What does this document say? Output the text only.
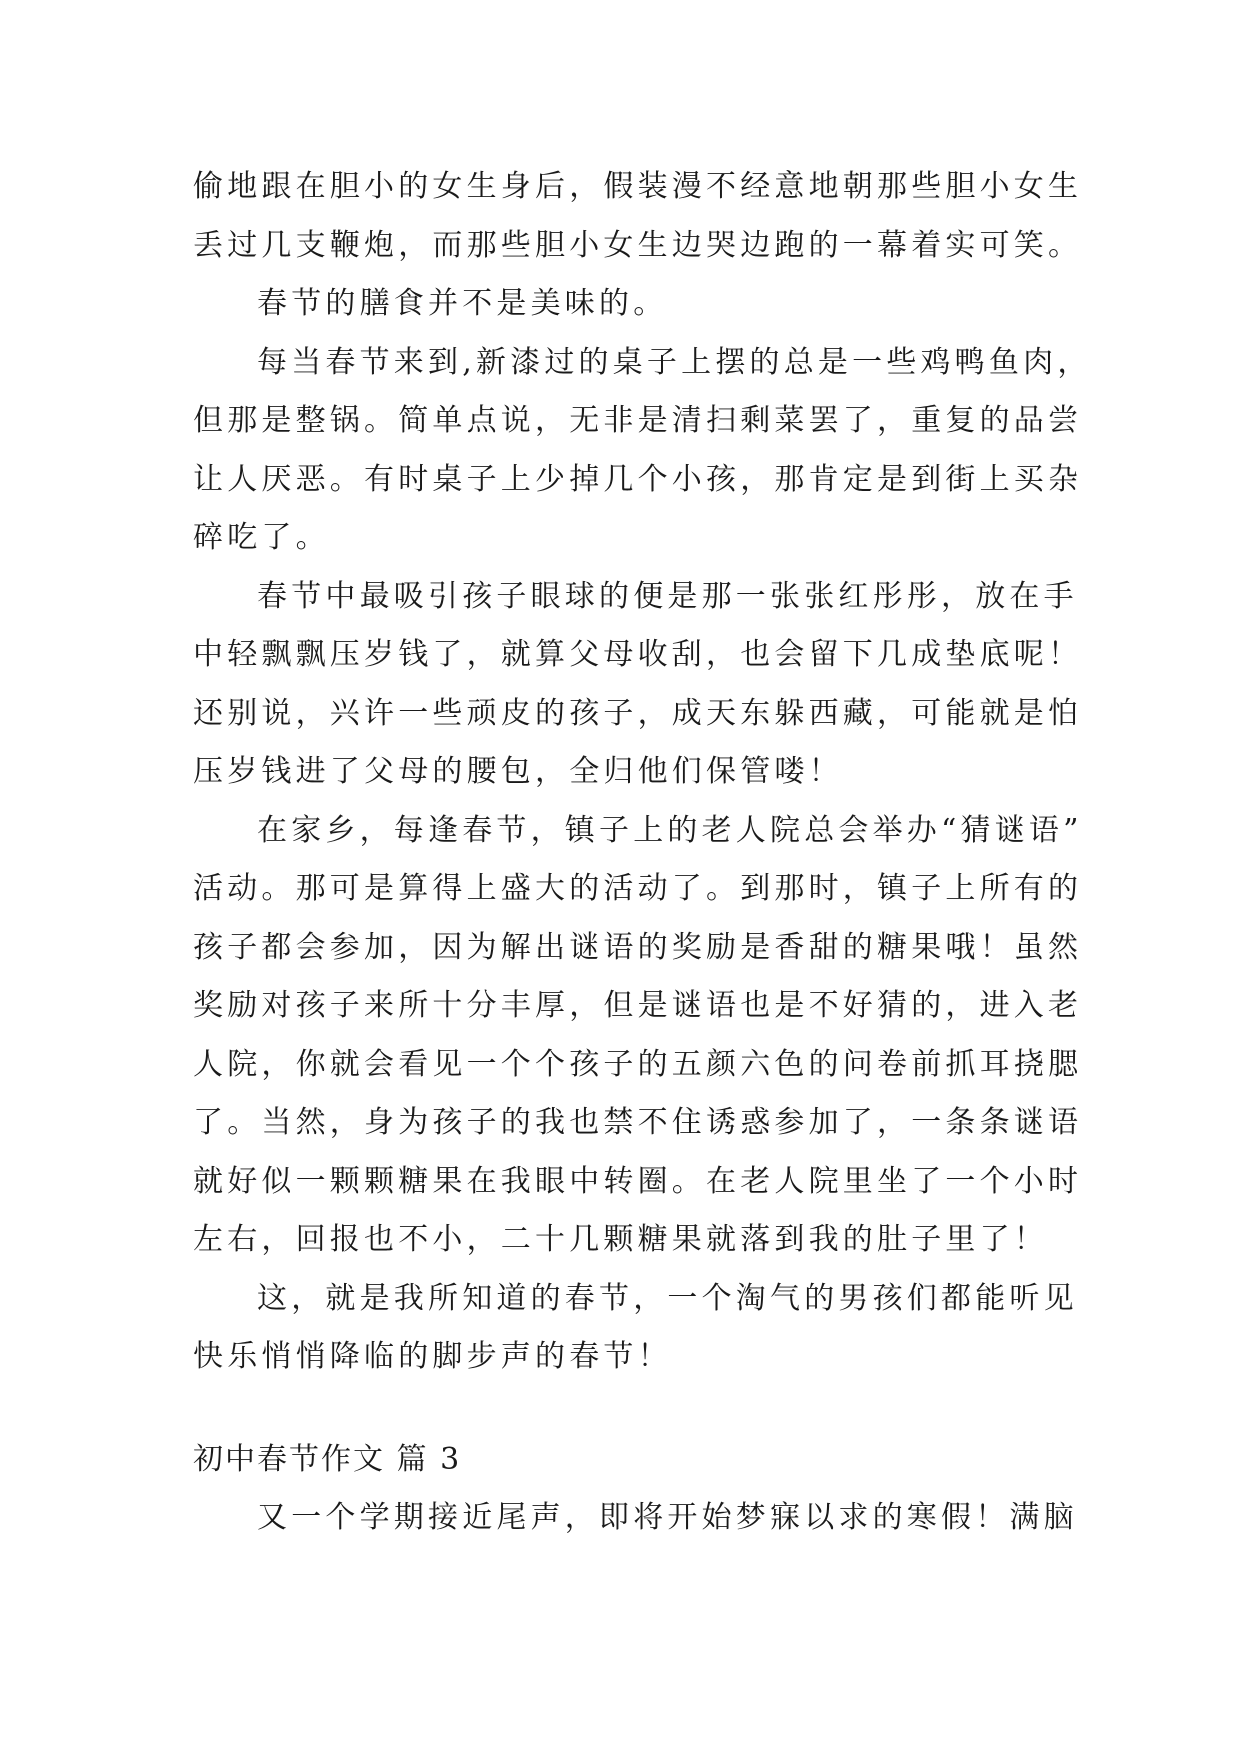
偷地跟在胆小的女生身后，假装漫不经意地朝那些胆小女生
丢过几支鞭炮，而那些胆小女生边哭边跑的一幕着实可笑。
春节的膳食并不是美味的。
每当春节来到,新漆过的桌子上摆的总是一些鸡鸭鱼肉，
但那是整锅。简单点说，无非是清扫剩菜罢了，重复的品尝
让人厌恶。有时桌子上少掉几个小孩，那肯定是到街上买杂
碎吃了。
春节中最吸引孩子眼球的便是那一张张红彤彤，放在手
中轻飘飘压岁钱了，就算父母收刮，也会留下几成垫底呢！
还别说，兴许一些顽皮的孩子，成天东躲西藏，可能就是怕
压岁钱进了父母的腰包，全归他们保管喽！
在家乡，每逢春节，镇子上的老人院总会举办“猜谜语”
活动。那可是算得上盛大的活动了。到那时，镇子上所有的
孩子都会参加，因为解出谜语的奖励是香甜的糖果哦！虽然
奖励对孩子来所十分丰厚，但是谜语也是不好猜的，进入老
人院，你就会看见一个个孩子的五颜六色的问卷前抓耳挠腮
了。当然，身为孩子的我也禁不住诱惑参加了，一条条谜语
就好似一颗颗糖果在我眼中转圈。在老人院里坐了一个小时
左右，回报也不小，二十几颗糖果就落到我的肚子里了！
这，就是我所知道的春节，一个淘气的男孩们都能听见
快乐悄悄降临的脚步声的春节！
初中春节作文 篇 3
又一个学期接近尾声，即将开始梦寐以求的寒假！满脑
